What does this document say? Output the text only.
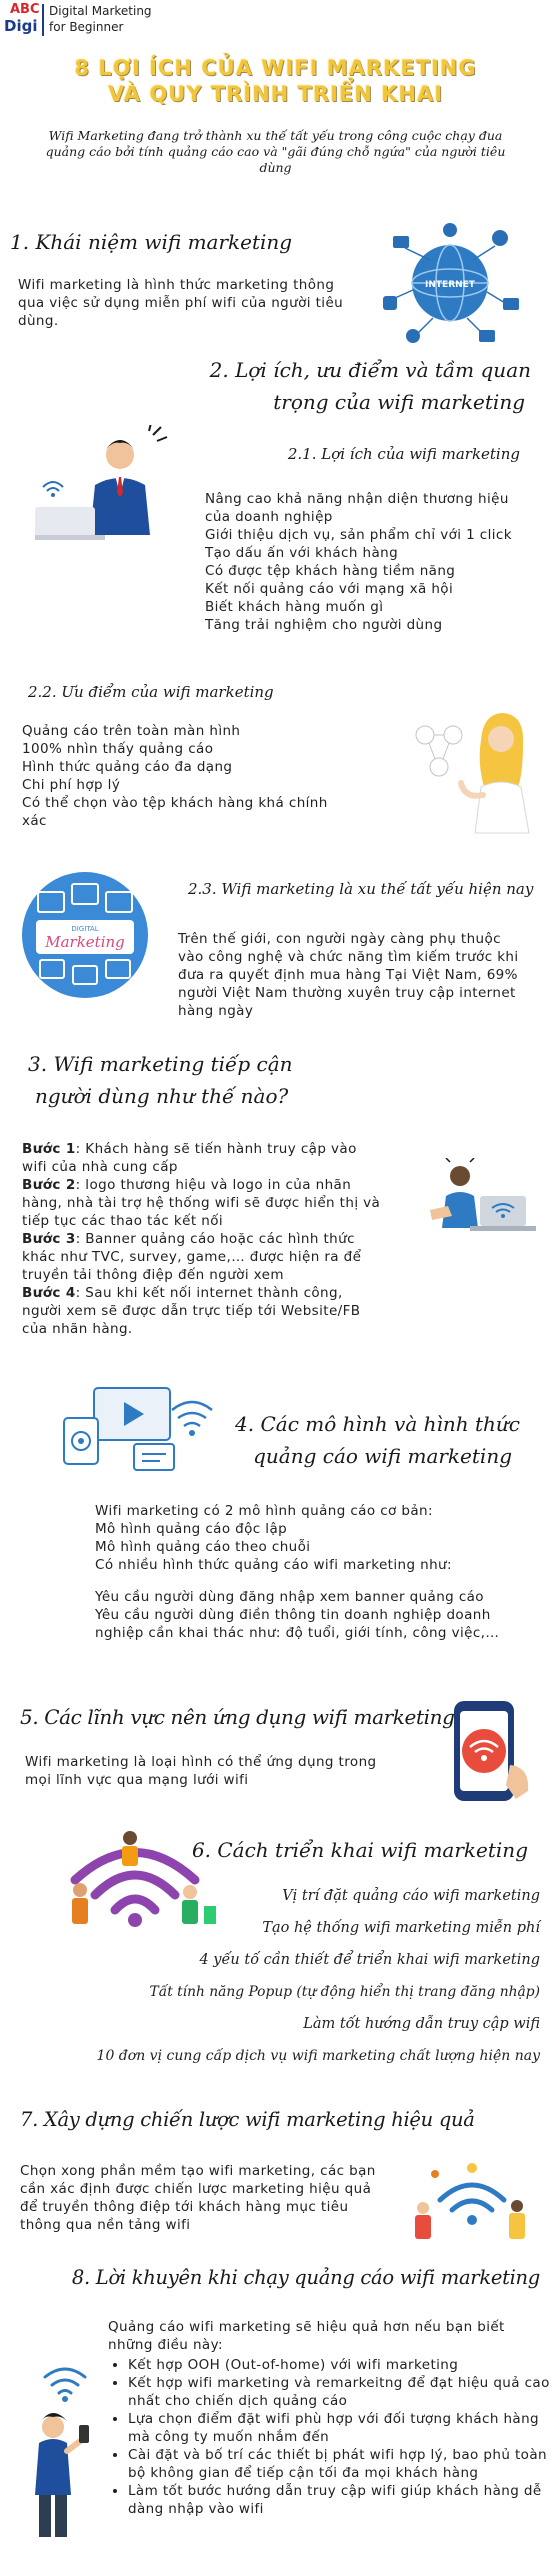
ABC
Digi
Digital Marketing
for Beginner
8 LỢI ÍCH CỦA WIFI MARKETING
VÀ QUY TRÌNH TRIỂN KHAI
Wifi Marketing đang trở thành xu thế tất yếu trong công cuộc chạy đua quảng cáo bởi tính quảng cáo cao và "gãi đúng chỗ ngứa" của người tiêu dùng
1. Khái niệm wifi marketing
Wifi marketing là hình thức marketing thông qua việc sử dụng miễn phí wifi của người tiêu dùng.
INTERNET
2. Lợi ích, ưu điểm và tầm quan
trọng của wifi marketing
2.1. Lợi ích của wifi marketing
Nâng cao khả năng nhận diện thương hiệu của doanh nghiệp
Giới thiệu dịch vụ, sản phẩm chỉ với 1 click
Tạo dấu ấn với khách hàng
Có được tệp khách hàng tiềm năng
Kết nối quảng cáo với mạng xã hội
Biết khách hàng muốn gì
Tăng trải nghiệm cho người dùng
2.2. Ưu điểm của wifi marketing
Quảng cáo trên toàn màn hình
100% nhìn thấy quảng cáo
Hình thức quảng cáo đa dạng
Chi phí hợp lý
Có thể chọn vào tệp khách hàng khá chính xác
DIGITAL
Marketing
2.3. Wifi marketing là xu thế tất yếu hiện nay
Trên thế giới, con người ngày càng phụ thuộc vào công nghệ và chức năng tìm kiếm trước khi đưa ra quyết định mua hàng Tại Việt Nam, 69% người Việt Nam thường xuyên truy cập internet hàng ngày
3. Wifi marketing tiếp cận
người dùng như thế nào?

Bước 1: Khách hàng sẽ tiến hành truy cập vào wifi của nhà cung cấp

Bước 2: logo thương hiệu và logo in của nhãn hàng, nhà tài trợ hệ thống wifi sẽ được hiển thị và tiếp tục các thao tác kết nối

Bước 3: Banner quảng cáo hoặc các hình thức khác như TVC, survey, game,… được hiện ra để truyền tải thông điệp đến người xem

Bước 4: Sau khi kết nối internet thành công, người xem sẽ được dẫn trực tiếp tới Website/FB của nhãn hàng.

4. Các mô hình và hình thức
quảng cáo wifi marketing

Wifi marketing có 2 mô hình quảng cáo cơ bản:

Mô hình quảng cáo độc lập

Mô hình quảng cáo theo chuỗi

Có nhiều hình thức quảng cáo wifi marketing như:

Yêu cầu người dùng đăng nhập xem banner quảng cáo

Yêu cầu người dùng điền thông tin doanh nghiệp doanh nghiệp cần khai thác như: độ tuổi, giới tính, công việc,…

5. Các lĩnh vực nên ứng dụng wifi marketing
Wifi marketing là loại hình có thể ứng dụng trong mọi lĩnh vực qua mạng lưới wifi
6. Cách triển khai wifi marketing
Vị trí đặt quảng cáo wifi marketing
Tạo hệ thống wifi marketing miễn phí
4 yếu tố cần thiết để triển khai wifi marketing
Tất tính năng Popup (tự động hiển thị trang đăng nhập)
Làm tốt hướng dẫn truy cập wifi
10 đơn vị cung cấp dịch vụ wifi marketing chất lượng hiện nay
7. Xây dựng chiến lược wifi marketing hiệu quả
Chọn xong phần mềm tạo wifi marketing, các bạn cần xác định được chiến lược marketing hiệu quả để truyền thông điệp tới khách hàng mục tiêu thông qua nền tảng wifi
8. Lời khuyên khi chạy quảng cáo wifi marketing
Quảng cáo wifi marketing sẽ hiệu quả hơn nếu bạn biết những điều này:
• Kết hợp OOH (Out-of-home) với wifi marketing
• Kết hợp wifi marketing và remarkeitng để đạt hiệu quả cao nhất cho chiến dịch quảng cáo
• Lựa chọn điểm đặt wifi phù hợp với đối tượng khách hàng mà công ty muốn nhắm đến
• Cài đặt và bố trí các thiết bị phát wifi hợp lý, bao phủ toàn bộ không gian để tiếp cận tối đa mọi khách hàng
• Làm tốt bước hướng dẫn truy cập wifi giúp khách hàng dễ dàng nhập vào wifi
